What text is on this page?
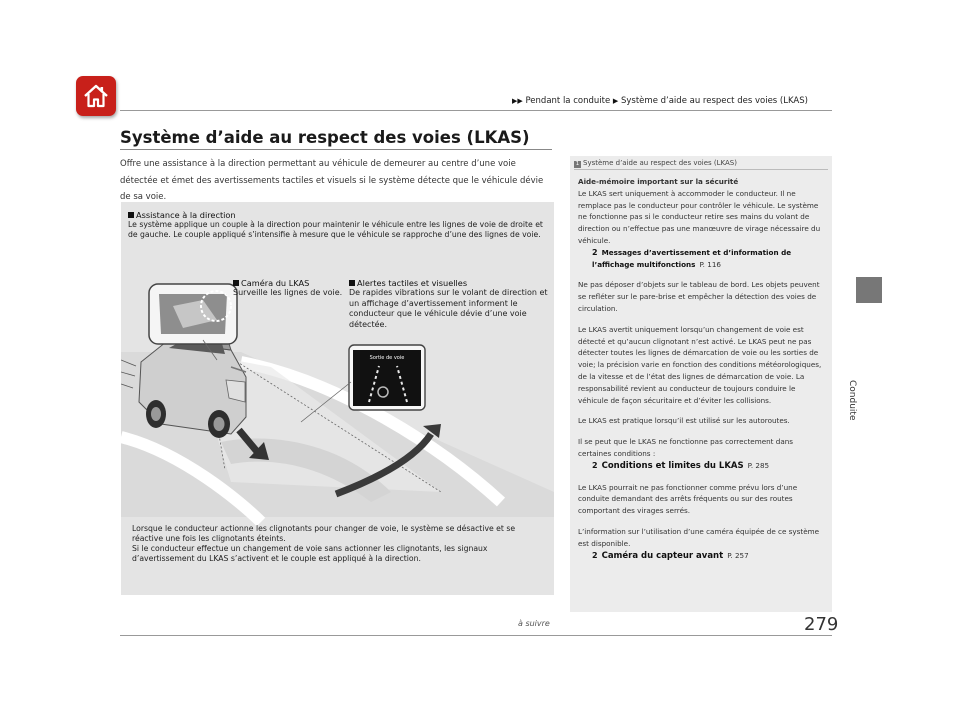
▶▶ Pendant la conduite ▶ Système d’aide au respect des voies (LKAS)
Système d’aide au respect des voies (LKAS)
Offre une assistance à la direction permettant au véhicule de demeurer au centre d’une voie détectée et émet des avertissements tactiles et visuels si le système détecte que le véhicule dévie de sa voie.
Assistance à la direction
Le système applique un couple à la direction pour maintenir le véhicule entre les lignes de voie de droite et de gauche. Le couple appliqué s’intensifie à mesure que le véhicule se rapproche d’une des lignes de voie.
Sortie de voie
Caméra du LKAS
Surveille les lignes de voie.
Alertes tactiles et visuelles
De rapides vibrations sur le volant de direction et un affichage d’avertissement informent le conducteur que le véhicule dévie d’une voie détectée.
Lorsque le conducteur actionne les clignotants pour changer de voie, le système se désactive et se réactive une fois les clignotants éteints.
Si le conducteur effectue un changement de voie sans actionner les clignotants, les signaux d’avertissement du LKAS s’activent et le couple est appliqué à la direction.
1 Système d’aide au respect des voies (LKAS)

Aide-mémoire important sur la sécurité
Le LKAS sert uniquement à accommoder le conducteur. Il ne remplace pas le conducteur pour contrôler le véhicule. Le système ne fonctionne pas si le conducteur retire ses mains du volant de direction ou n’effectue pas une manœuvre de virage nécessaire du véhicule.
2 Messages d’avertissement et d’information de l’affichage multifonctions P. 116

Ne pas déposer d’objets sur le tableau de bord. Les objets peuvent se refléter sur le pare-brise et empêcher la détection des voies de circulation.

Le LKAS avertit uniquement lorsqu’un changement de voie est détecté et qu’aucun clignotant n’est activé. Le LKAS peut ne pas détecter toutes les lignes de démarcation de voie ou les sorties de voie; la précision varie en fonction des conditions météorologiques, de la vitesse et de l’état des lignes de démarcation de voie. La responsabilité revient au conducteur de toujours conduire le véhicule de façon sécuritaire et d’éviter les collisions.

Le LKAS est pratique lorsqu’il est utilisé sur les autoroutes.

Il se peut que le LKAS ne fonctionne pas correctement dans certaines conditions :
2 Conditions et limites du LKAS P. 285

Le LKAS pourrait ne pas fonctionner comme prévu lors d’une conduite demandant des arrêts fréquents ou sur des routes comportant des virages serrés.

L’information sur l’utilisation d’une caméra équipée de ce système est disponible.
2 Caméra du capteur avant P. 257

Conduite
279
à suivre
